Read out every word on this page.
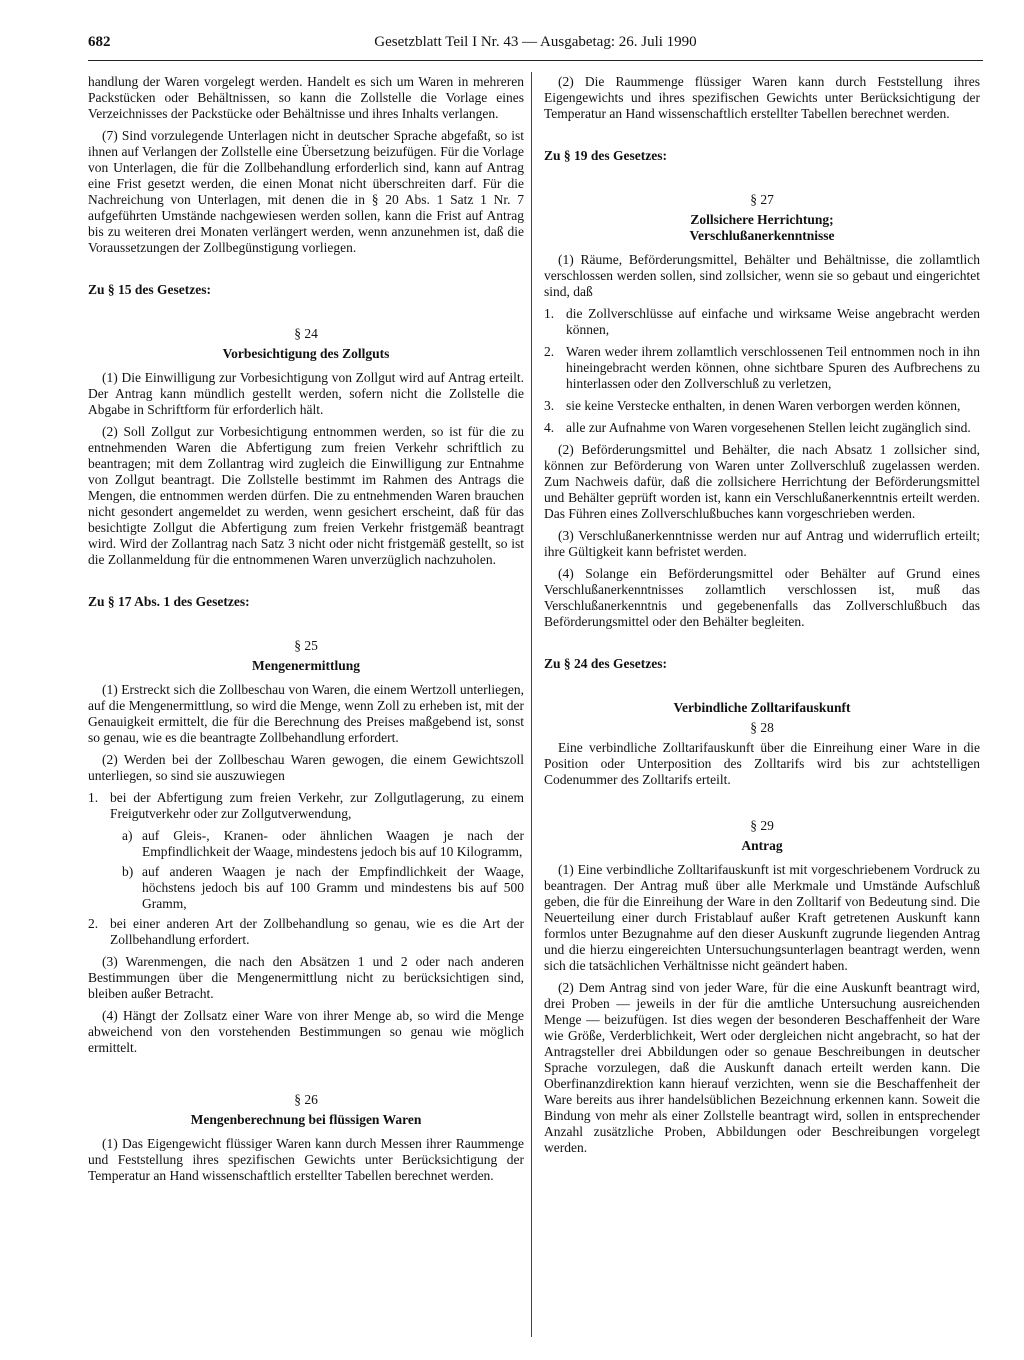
682	Gesetzblatt Teil I Nr. 43 — Ausgabetag: 26. Juli 1990

handlung der Waren vorgelegt werden. Handelt es sich um Waren in mehreren Packstücken oder Behältnissen, so kann die Zollstelle die Vorlage eines Verzeichnisses der Packstücke oder Behältnisse und ihres Inhalts verlangen.

(7) Sind vorzulegende Unterlagen nicht in deutscher Sprache abgefaßt, so ist ihnen auf Verlangen der Zollstelle eine Übersetzung beizufügen. Für die Vorlage von Unterlagen, die für die Zollbehandlung erforderlich sind, kann auf Antrag eine Frist gesetzt werden, die einen Monat nicht überschreiten darf. Für die Nachreichung von Unterlagen, mit denen die in § 20 Abs. 1 Satz 1 Nr. 7 aufgeführten Umstände nachgewiesen werden sollen, kann die Frist auf Antrag bis zu weiteren drei Monaten verlängert werden, wenn anzunehmen ist, daß die Voraussetzungen der Zollbegünstigung vorliegen.

Zu § 15 des Gesetzes:

§ 24

Vorbesichtigung des Zollguts

(1) Die Einwilligung zur Vorbesichtigung von Zollgut wird auf Antrag erteilt. Der Antrag kann mündlich gestellt werden, sofern nicht die Zollstelle die Abgabe in Schriftform für erforderlich hält.

(2) Soll Zollgut zur Vorbesichtigung entnommen werden, so ist für die zu entnehmenden Waren die Abfertigung zum freien Verkehr schriftlich zu beantragen; mit dem Zollantrag wird zugleich die Einwilligung zur Entnahme von Zollgut beantragt. Die Zollstelle bestimmt im Rahmen des Antrags die Mengen, die entnommen werden dürfen. Die zu entnehmenden Waren brauchen nicht gesondert angemeldet zu werden, wenn gesichert erscheint, daß für das besichtigte Zollgut die Abfertigung zum freien Verkehr fristgemäß beantragt wird. Wird der Zollantrag nach Satz 3 nicht oder nicht fristgemäß gestellt, so ist die Zollanmeldung für die entnommenen Waren unverzüglich nachzuholen.

Zu § 17 Abs. 1 des Gesetzes:

§ 25

Mengenermittlung

(1) Erstreckt sich die Zollbeschau von Waren, die einem Wertzoll unterliegen, auf die Mengenermittlung, so wird die Menge, wenn Zoll zu erheben ist, mit der Genauigkeit ermittelt, die für die Berechnung des Preises maßgebend ist, sonst so genau, wie es die beantragte Zollbehandlung erfordert.

(2) Werden bei der Zollbeschau Waren gewogen, die einem Gewichtszoll unterliegen, so sind sie auszuwiegen

1. bei der Abfertigung zum freien Verkehr, zur Zollgutlagerung, zu einem Freigutverkehr oder zur Zollgutverwendung,
a) auf Gleis-, Kranen- oder ähnlichen Waagen je nach der Empfindlichkeit der Waage, mindestens jedoch bis auf 10 Kilogramm,
b) auf anderen Waagen je nach der Empfindlichkeit der Waage, höchstens jedoch bis auf 100 Gramm und mindestens bis auf 500 Gramm,
2. bei einer anderen Art der Zollbehandlung so genau, wie es die Art der Zollbehandlung erfordert.

(3) Warenmengen, die nach den Absätzen 1 und 2 oder nach anderen Bestimmungen über die Mengenermittlung nicht zu berücksichtigen sind, bleiben außer Betracht.

(4) Hängt der Zollsatz einer Ware von ihrer Menge ab, so wird die Menge abweichend von den vorstehenden Bestimmungen so genau wie möglich ermittelt.

§ 26

Mengenberechnung bei flüssigen Waren

(1) Das Eigengewicht flüssiger Waren kann durch Messen ihrer Raummenge und Feststellung ihres spezifischen Gewichts unter Berücksichtigung der Temperatur an Hand wissenschaftlich erstellter Tabellen berechnet werden.

(2) Die Raummenge flüssiger Waren kann durch Feststellung ihres Eigengewichts und ihres spezifischen Gewichts unter Berücksichtigung der Temperatur an Hand wissenschaftlich erstellter Tabellen berechnet werden.

Zu § 19 des Gesetzes:

§ 27

Zollsichere Herrichtung;

Verschlußanerkenntnisse

(1) Räume, Beförderungsmittel, Behälter und Behältnisse, die zollamtlich verschlossen werden sollen, sind zollsicher, wenn sie so gebaut und eingerichtet sind, daß

1. die Zollverschlüsse auf einfache und wirksame Weise angebracht werden können,
2. Waren weder ihrem zollamtlich verschlossenen Teil entnommen noch in ihn hineingebracht werden können, ohne sichtbare Spuren des Aufbrechens zu hinterlassen oder den Zollverschluß zu verletzen,
3. sie keine Verstecke enthalten, in denen Waren verborgen werden können,
4. alle zur Aufnahme von Waren vorgesehenen Stellen leicht zugänglich sind.

(2) Beförderungsmittel und Behälter, die nach Absatz 1 zollsicher sind, können zur Beförderung von Waren unter Zollverschluß zugelassen werden. Zum Nachweis dafür, daß die zollsichere Herrichtung der Beförderungsmittel und Behälter geprüft worden ist, kann ein Verschlußanerkenntnis erteilt werden. Das Führen eines Zollverschlußbuches kann vorgeschrieben werden.

(3) Verschlußanerkenntnisse werden nur auf Antrag und widerruflich erteilt; ihre Gültigkeit kann befristet werden.

(4) Solange ein Beförderungsmittel oder Behälter auf Grund eines Verschlußanerkenntnisses zollamtlich verschlossen ist, muß das Verschlußanerkenntnis und gegebenenfalls das Zollverschlußbuch das Beförderungsmittel oder den Behälter begleiten.

Zu § 24 des Gesetzes:

Verbindliche Zolltarifauskunft

§ 28

Eine verbindliche Zolltarifauskunft über die Einreihung einer Ware in die Position oder Unterposition des Zolltarifs wird bis zur achtstelligen Codenummer des Zolltarifs erteilt.

§ 29

Antrag

(1) Eine verbindliche Zolltarifauskunft ist mit vorgeschriebenem Vordruck zu beantragen. Der Antrag muß über alle Merkmale und Umstände Aufschluß geben, die für die Einreihung der Ware in den Zolltarif von Bedeutung sind. Die Neuerteilung einer durch Fristablauf außer Kraft getretenen Auskunft kann formlos unter Bezugnahme auf den dieser Auskunft zugrunde liegenden Antrag und die hierzu eingereichten Untersuchungsunterlagen beantragt werden, wenn sich die tatsächlichen Verhältnisse nicht geändert haben.

(2) Dem Antrag sind von jeder Ware, für die eine Auskunft beantragt wird, drei Proben — jeweils in der für die amtliche Untersuchung ausreichenden Menge — beizufügen. Ist dies wegen der besonderen Beschaffenheit der Ware wie Größe, Verderblichkeit, Wert oder dergleichen nicht angebracht, so hat der Antragsteller drei Abbildungen oder so genaue Beschreibungen in deutscher Sprache vorzulegen, daß die Auskunft danach erteilt werden kann. Die Oberfinanzdirektion kann hierauf verzichten, wenn sie die Beschaffenheit der Ware bereits aus ihrer handelsüblichen Bezeichnung erkennen kann. Soweit die Bindung von mehr als einer Zollstelle beantragt wird, sollen in entsprechender Anzahl zusätzliche Proben, Abbildungen oder Beschreibungen vorgelegt werden.
